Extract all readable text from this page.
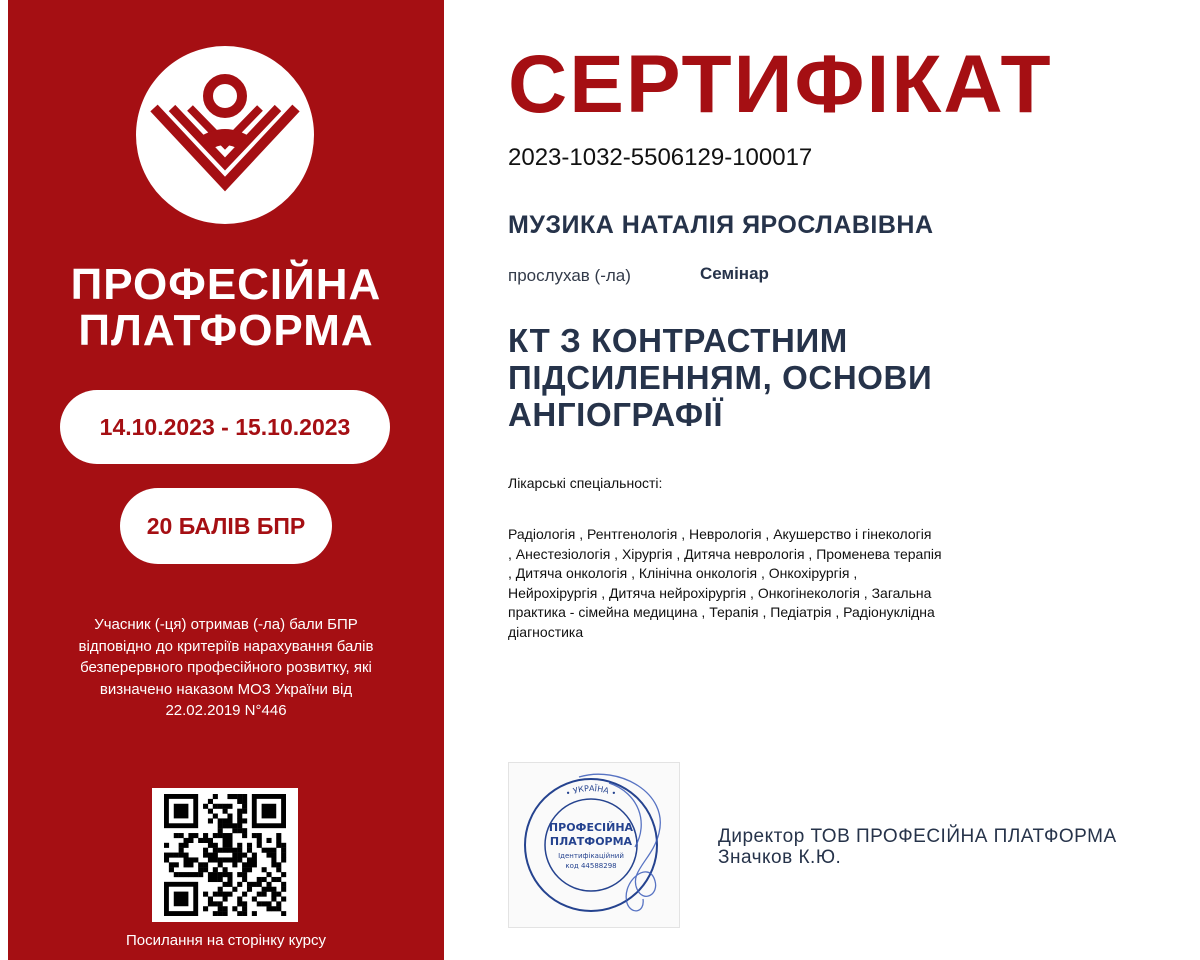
ПРОФЕСІЙНА
ПЛАТФОРМА
14.10.2023 - 15.10.2023
20 БАЛІВ БПР
Учасник (-ця) отримав (-ла) бали БПР
відповідно до критеріїв нарахування балів
безперервного професійного розвитку, які
визначено наказом МОЗ України від
22.02.2019 N°446
Посилання на сторінку курсу
СЕРТИФІКАТ
2023-1032-5506129-100017
МУЗИКА НАТАЛІЯ ЯРОСЛАВІВНА
прослухав (-ла)	Семінар
КТ З КОНТРАСТНИМ
ПІДСИЛЕННЯМ, ОСНОВИ
АНГІОГРАФІЇ
Лікарські спеціальності:
Радіологія , Рентгенологія , Неврологія , Акушерство і гінекологія
, Анестезіологія , Хірургія , Дитяча неврологія , Променева терапія
, Дитяча онкологія , Клінічна онкологія , Онкохірургія ,
Нейрохірургія , Дитяча нейрохірургія , Онкогінекологія , Загальна
практика - сімейна медицина , Терапія , Педіатрія , Радіонуклідна
діагностика
• УКРАЇНА •
ПРОФЕСІЙНА
ПЛАТФОРМА
Ідентифікаційний
код 44588298
Директор ТОВ ПРОФЕСІЙНА ПЛАТФОРМА
Значков К.Ю.
